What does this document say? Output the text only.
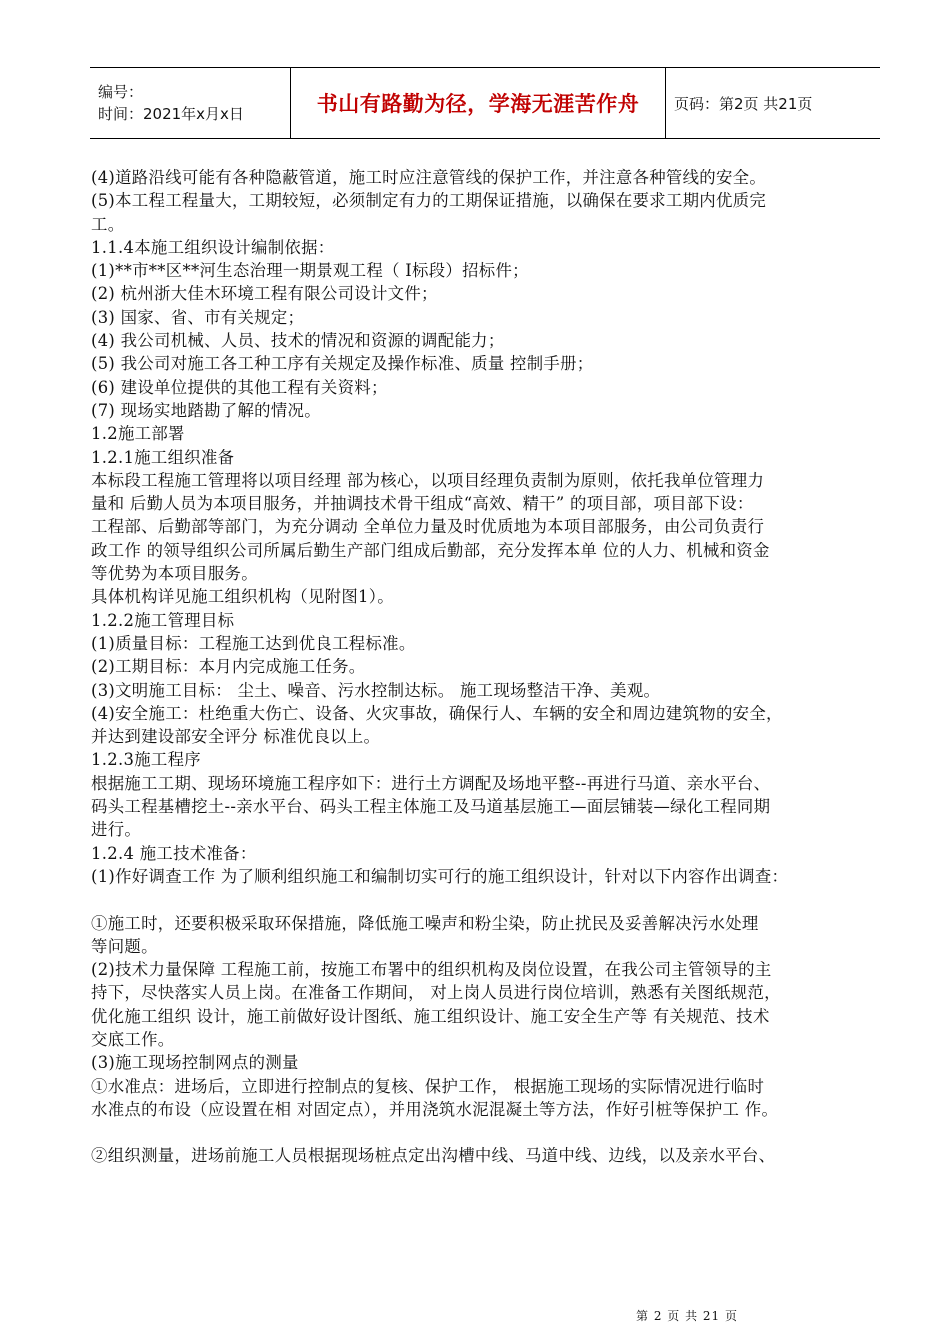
编号：
时间：2021年x月x日	书山有路勤为径，学海无涯苦作舟 页码：第2页 共21页
(4)道路沿线可能有各种隐蔽管道，施工时应注意管线的保护工作，并注意各种管线的安全。
(5)本工程工程量大，工期较短，必须制定有力的工期保证措施，以确保在要求工期内优质完
工。
1.1.4本施工组织设计编制依据：
(1)**市**区**河生态治理一期景观工程（ Ⅰ标段）招标件；
(2) 杭州浙大佳木环境工程有限公司设计文件；
(3) 国家、省、市有关规定；
(4) 我公司机械、人员、技术的情况和资源的调配能力；
(5) 我公司对施工各工种工序有关规定及操作标准、质量 控制手册；
(6) 建设单位提供的其他工程有关资料；
(7) 现场实地踏勘了解的情况。
1.2施工部署
1.2.1施工组织准备
本标段工程施工管理将以项目经理 部为核心，以项目经理负责制为原则，依托我单位管理力
量和 后勤人员为本项目服务，并抽调技术骨干组成“高效、精干” 的项目部，项目部下设：
工程部、后勤部等部门，为充分调动 全单位力量及时优质地为本项目部服务，由公司负责行
政工作 的领导组织公司所属后勤生产部门组成后勤部，充分发挥本单 位的人力、机械和资金
等优势为本项目服务。
具体机构详见施工组织机构（见附图1）。
1.2.2施工管理目标
(1)质量目标：工程施工达到优良工程标准。
(2)工期目标：本月内完成施工任务。
(3)文明施工目标： 尘土、噪音、污水控制达标。 施工现场整洁干净、美观。
(4)安全施工：杜绝重大伤亡、设备、火灾事故，确保行人、车辆的安全和周边建筑物的安全，
并达到建设部安全评分 标准优良以上。
1.2.3施工程序
根据施工工期、现场环境施工程序如下：进行土方调配及场地平整--再进行马道、亲水平台、
码头工程基槽挖土--亲水平台、码头工程主体施工及马道基层施工—面层铺装—绿化工程同期
进行。
1.2.4 施工技术准备：
(1)作好调查工作 为了顺利组织施工和编制切实可行的施工组织设计，针对以下内容作出调查：
①施工时，还要积极采取环保措施，降低施工噪声和粉尘染，防止扰民及妥善解决污水处理
等问题。
(2)技术力量保障 工程施工前，按施工布署中的组织机构及岗位设置，在我公司主管领导的主
持下，尽快落实人员上岗。在准备工作期间， 对上岗人员进行岗位培训，熟悉有关图纸规范，
优化施工组织 设计，施工前做好设计图纸、施工组织设计、施工安全生产等 有关规范、技术
交底工作。
(3)施工现场控制网点的测量
①水准点：进场后，立即进行控制点的复核、保护工作， 根据施工现场的实际情况进行临时
水准点的布设（应设置在相 对固定点），并用浇筑水泥混凝土等方法，作好引桩等保护工 作。
②组织测量，进场前施工人员根据现场桩点定出沟槽中线、马道中线、边线，以及亲水平台、
第 2 页 共 21 页
